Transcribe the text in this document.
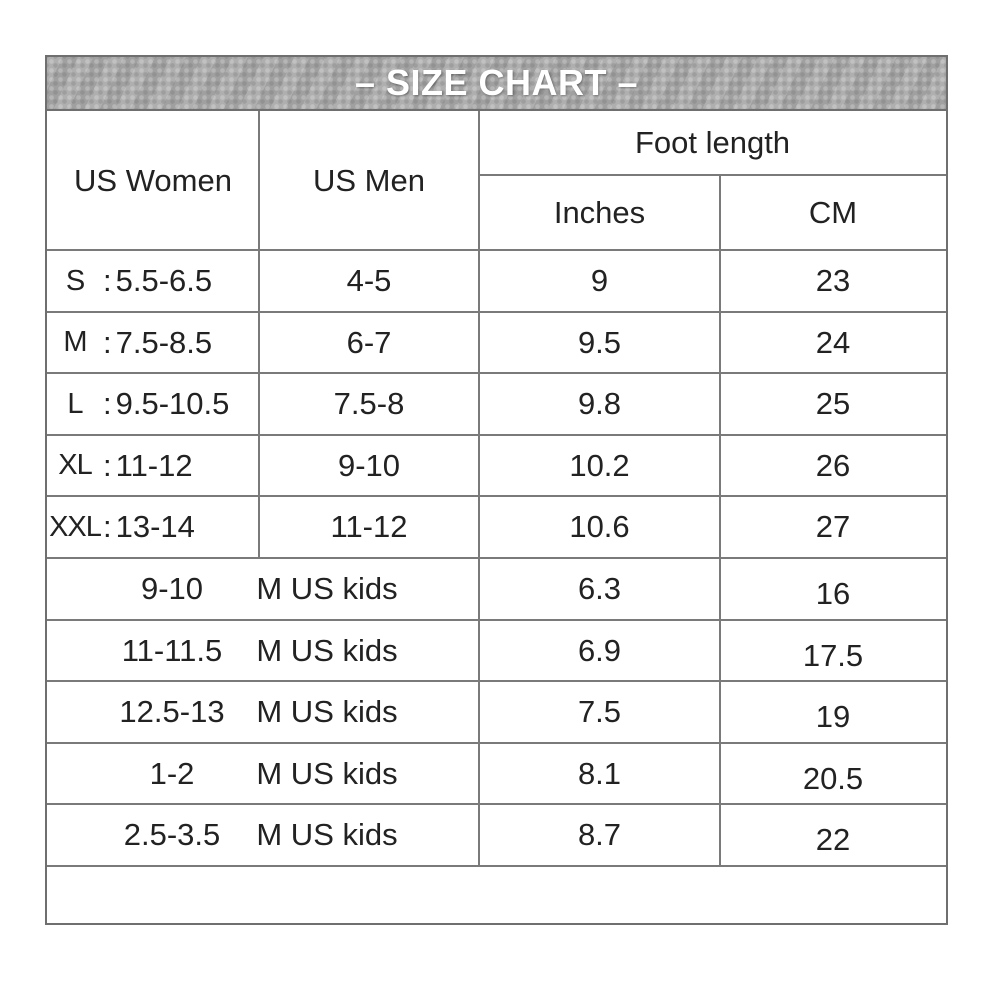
– SIZE CHART –
US Women	US Men
Foot length
Inches	CM
S : 5.5-6.5	4-5	9	23
M : 7.5-8.5	6-7	9.5	24
L : 9.5-10.5	7.5-8	9.8	25
XL : 11-12	9-10	10.2	26
XXL : 13-14	11-12	10.6	27
9-10	M US kids	6.3	16
11-11.5	M US kids	6.9	17.5
12.5-13	M US kids	7.5	19
1-2	M US kids	8.1	20.5
2.5-3.5	M US kids	8.7	22
